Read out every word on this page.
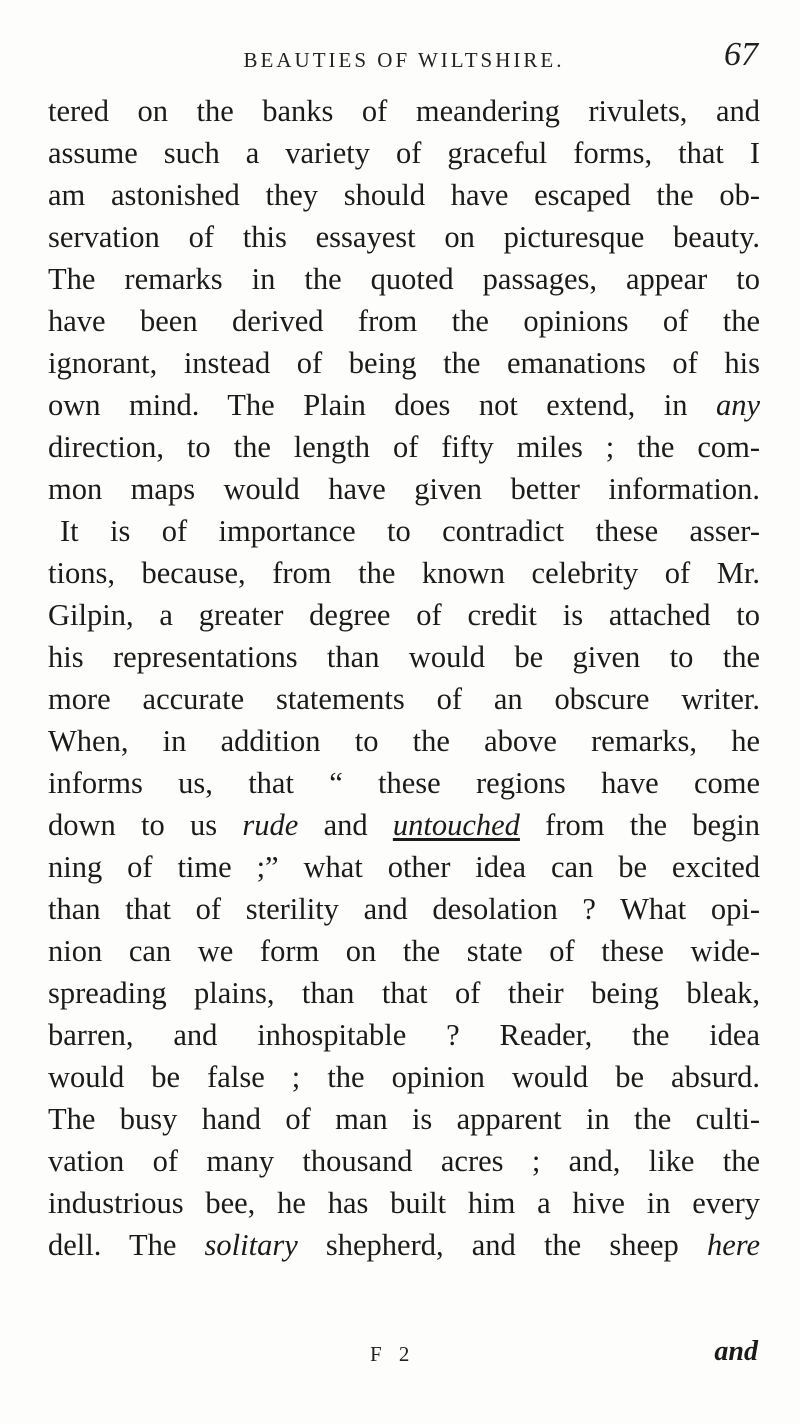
BEAUTIES OF WILTSHIRE.	67
tered on the banks of meandering rivulets, and
assume such a variety of graceful forms, that I
am astonished they should have escaped the ob-
servation of this essayest on picturesque beauty.
The remarks in the quoted passages, appear to
have been derived from the opinions of the
ignorant, instead of being the emanations of his
own mind. The Plain does not extend, in any
direction, to the length of fifty miles ; the com-
mon maps would have given better information.
It is of importance to contradict these asser-
tions, because, from the known celebrity of Mr.
Gilpin, a greater degree of credit is attached to
his representations than would be given to the
more accurate statements of an obscure writer.
When, in addition to the above remarks, he
informs us, that “ these regions have come
down to us rude and untouched from the begin
ning of time ;” what other idea can be excited
than that of sterility and desolation ? What opi-
nion can we form on the state of these wide-
spreading plains, than that of their being bleak,
barren, and inhospitable ? Reader, the idea
would be false ; the opinion would be absurd.
The busy hand of man is apparent in the culti-
vation of many thousand acres ; and, like the
industrious bee, he has built him a hive in every
dell. The solitary shepherd, and the sheep here
F 2	and
